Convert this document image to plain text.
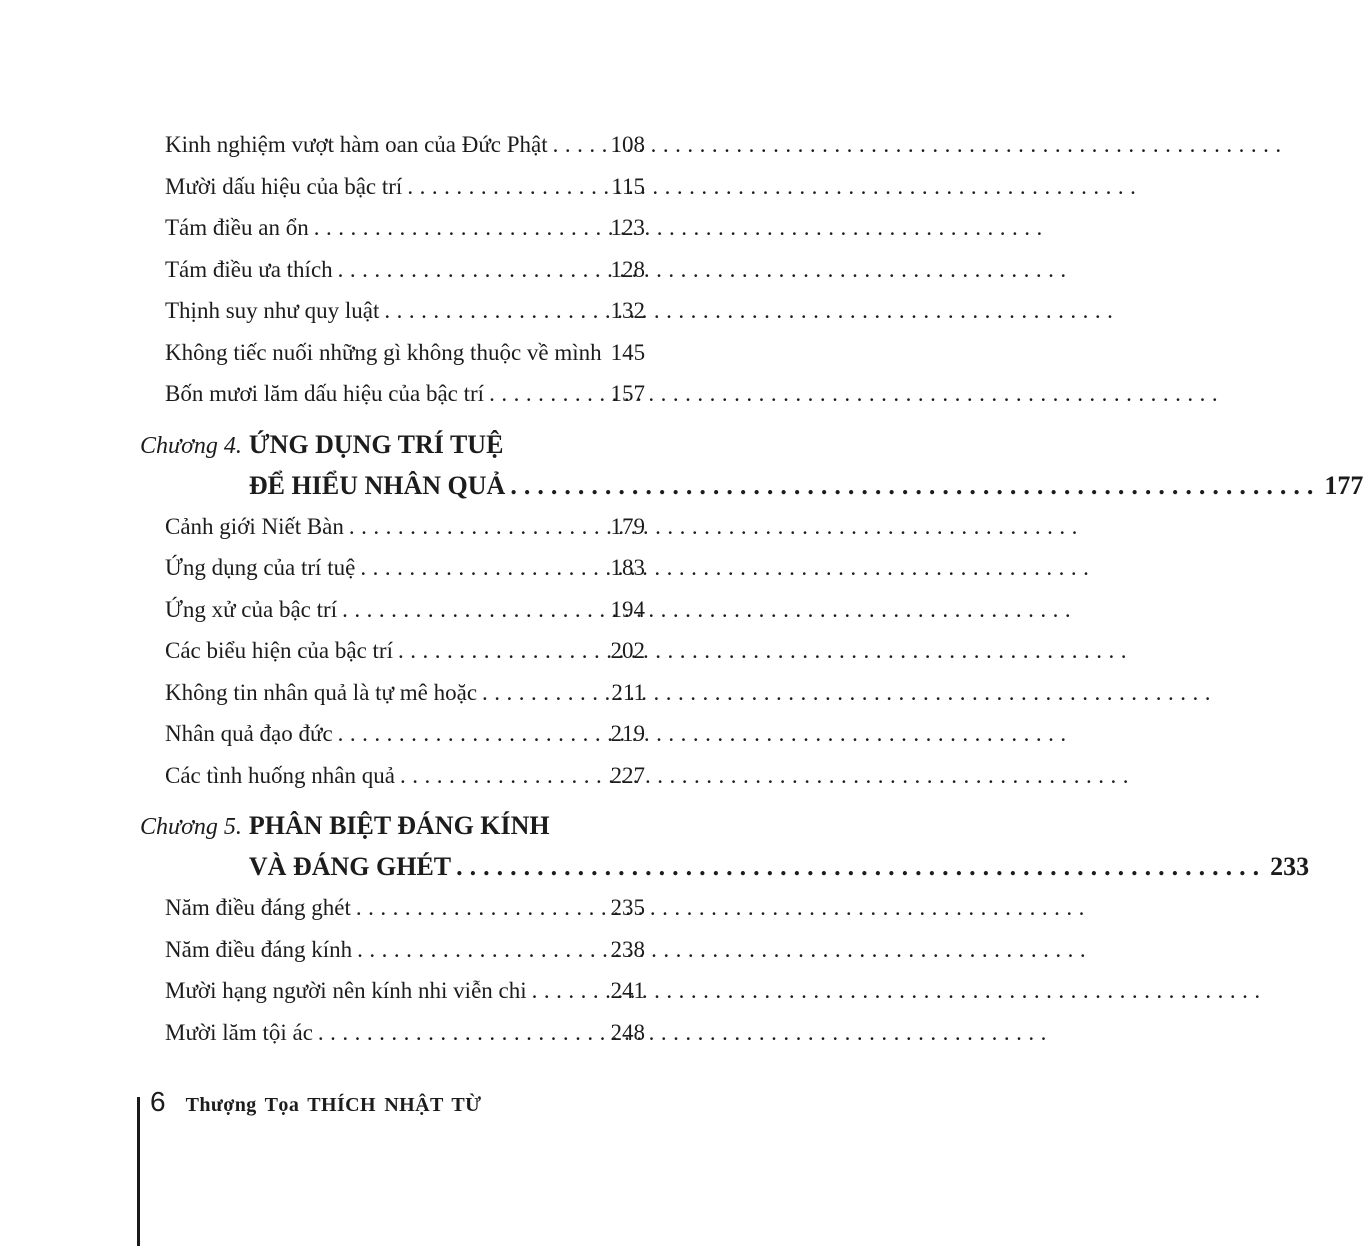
Kinh nghiệm vượt hàm oan của Đức Phật .....	108
Mười dấu hiệu của bậc trí .....	115
Tám điều an ổn .....	123
Tám điều ưa thích .....	128
Thịnh suy như quy luật .....	132
Không tiếc nuối những gì không thuộc về mình 145
Bốn mươi lăm dấu hiệu của bậc trí .....	157
Chương 4. ỨNG DỤNG TRÍ TUỆ
ĐỂ HIỂU NHÂN QUẢ .....	177
Cảnh giới Niết Bàn .....	179
Ứng dụng của trí tuệ .....	183
Ứng xử của bậc trí .....	194
Các biểu hiện của bậc trí .....	202
Không tin nhân quả là tự mê hoặc .....	211
Nhân quả đạo đức .....	219
Các tình huống nhân quả .....	227
Chương 5. PHÂN BIỆT ĐÁNG KÍNH
VÀ ĐÁNG GHÉT .....	233
Năm điều đáng ghét .....	235
Năm điều đáng kính .....	238
Mười hạng người nên kính nhi viễn chi .....	241
Mười lăm tội ác .....	248
6 Thượng Tọa THÍCH NHẬT TỪ
